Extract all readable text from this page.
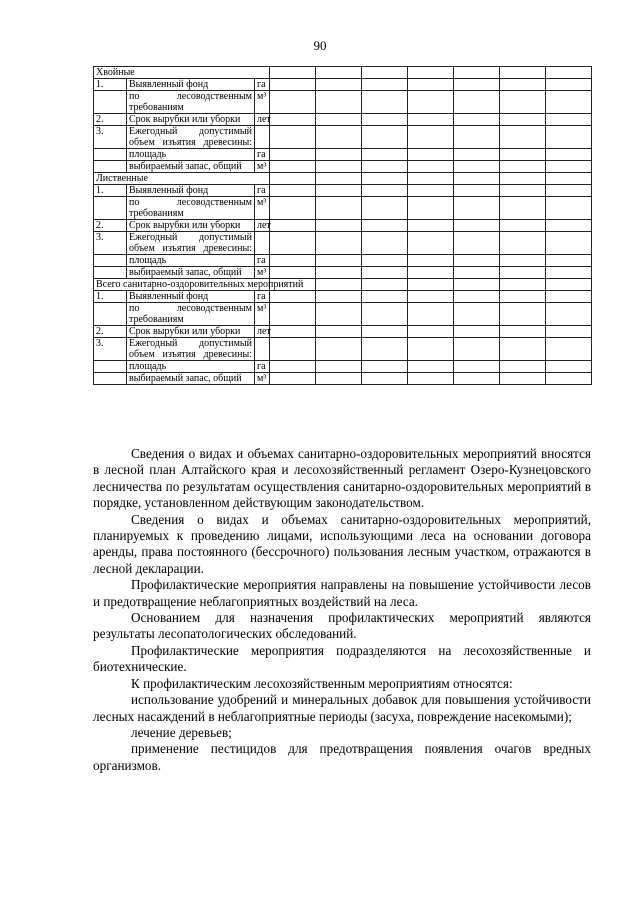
90
Хвойные									
1.	Выявленный фонд	га							
	по лесоводственным требованиям	м³							
2.	Срок вырубки или уборки	лет							
3.	Ежегодный допустимый объем изъятия древесины:								
	площадь	га							
	выбираемый запас, общий	м³							
Лиственные									
1.	Выявленный фонд	га							
	по лесоводственным требованиям	м³							
2.	Срок вырубки или уборки	лет							
3.	Ежегодный допустимый объем изъятия древесины:								
	площадь	га							
	выбираемый запас, общий	м³							
Всего санитарно-оздоровительных мероприятий									
1.	Выявленный фонд	га							
	по лесоводственным требованиям	м³							
2.	Срок вырубки или уборки	лет							
3.	Ежегодный допустимый объем изъятия древесины:								
	площадь	га							
	выбираемый запас, общий	м³							

Сведения о видах и объемах санитарно-оздоровительных мероприятий вносятся в лесной план Алтайского края и лесохозяйственный регламент Озеро-Кузнецовского лесничества по результатам осуществления санитарно-оздоровительных мероприятий в порядке, установленном действующим законодательством.

Сведения о видах и объемах санитарно-оздоровительных мероприятий, планируемых к проведению лицами, использующими леса на основании договора аренды, права постоянного (бессрочного) пользования лесным участком, отражаются в лесной декларации.

Профилактические мероприятия направлены на повышение устойчивости лесов и предотвращение неблагоприятных воздействий на леса.

Основанием для назначения профилактических мероприятий являются результаты лесопатологических обследований.

Профилактические мероприятия подразделяются на лесохозяйственные и биотехнические.

К профилактическим лесохозяйственным мероприятиям относятся:

использование удобрений и минеральных добавок для повышения устойчивости лесных насаждений в неблагоприятные периоды (засуха, повреждение насекомыми);

лечение деревьев;

применение пестицидов для предотвращения появления очагов вредных организмов.
